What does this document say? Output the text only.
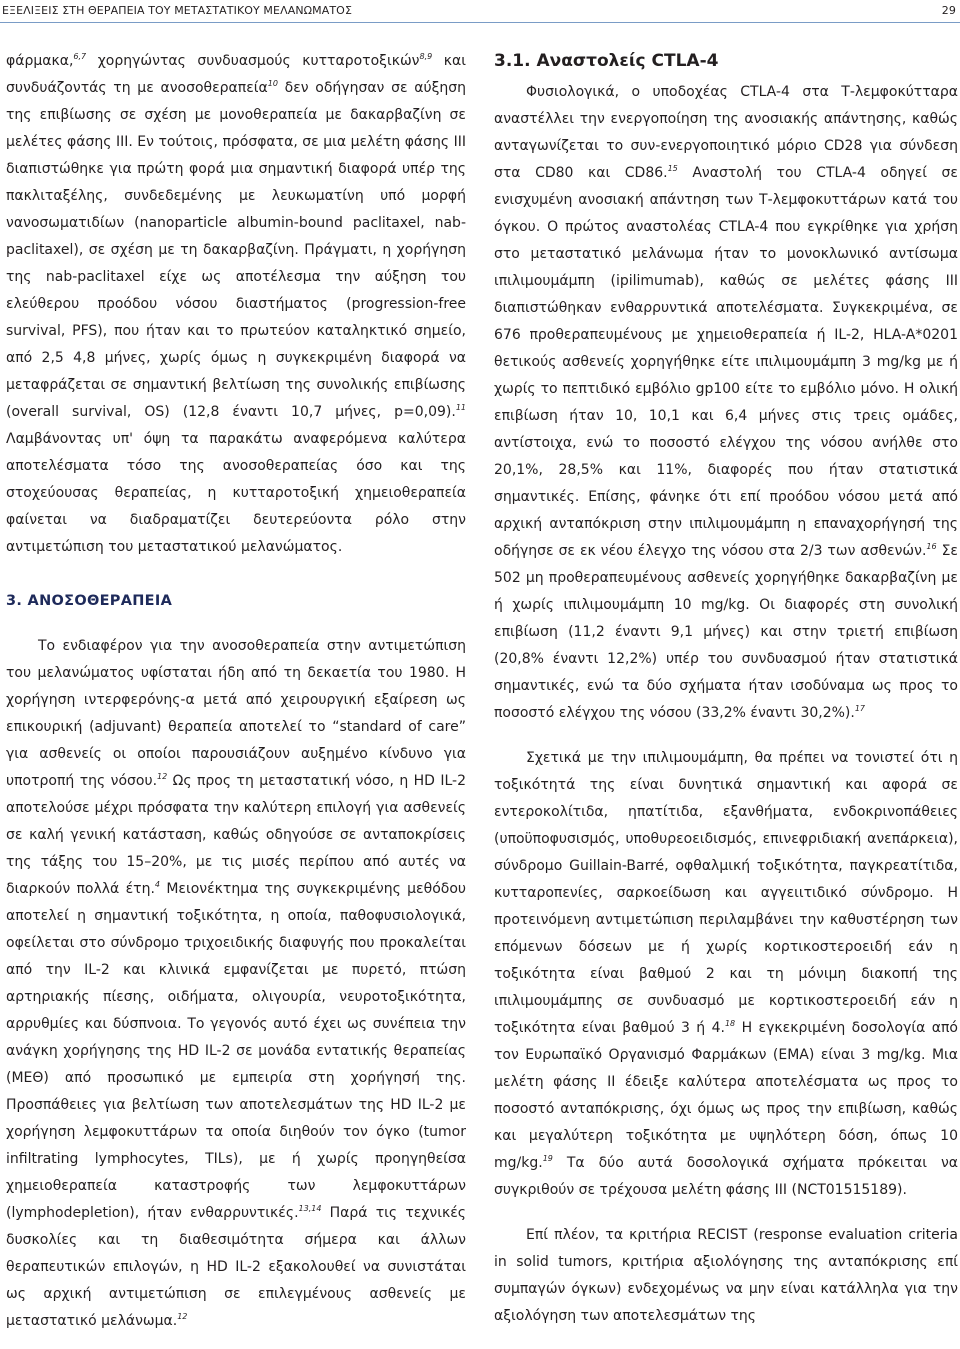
ΕΞΕΛΙΞΕΙΣ ΣΤΗ ΘΕΡΑΠΕΙΑ ΤΟΥ ΜΕΤΑΣΤΑΤΙΚΟΥ ΜΕΛΑΝΩΜΑΤΟΣ	29

φάρμακα,$^{6,7}$ χορηγώντας συνδυασμούς κυτταροτοξικών$^{8,9}$ και συνδυάζοντάς τη με ανοσοθεραπεία$^{10}$ δεν οδήγησαν σε αύξηση της επιβίωσης σε σχέση με μονοθεραπεία με δακαρβαζίνη σε μελέτες φάσης ΙΙΙ. Εν τούτοις, πρόσφατα, σε μια μελέτη φάσης ΙΙΙ διαπιστώθηκε για πρώτη φορά μια σημαντική διαφορά υπέρ της πακλιταξέλης, συνδεδεμένης με λευκωματίνη υπό μορφή νανοσωματιδίων (nanoparticle albumin-bound paclitaxel, nab-paclitaxel), σε σχέση με τη δακαρβαζίνη. Πράγματι, η χορήγηση της nab-paclitaxel είχε ως αποτέλεσμα την αύξηση του ελεύθερου προόδου νόσου διαστήματος (progression-free survival, PFS), που ήταν και το πρωτεύον καταληκτικό σημείο, από 2,5 4,8 μήνες, χωρίς όμως η συγκεκριμένη διαφορά να μεταφράζεται σε σημαντική βελτίωση της συνολικής επιβίωσης (overall survival, OS) (12,8 έναντι 10,7 μήνες, p=0,09).$^{11}$ Λαμβάνοντας υπ' όψη τα παρακάτω αναφερόμενα καλύτερα αποτελέσματα τόσο της ανοσοθεραπείας όσο και της στοχεύουσας θεραπείας, η κυτταροτοξική χημειοθεραπεία φαίνεται να διαδραματίζει δευτερεύοντα ρόλο στην αντιμετώπιση του μεταστατικού μελανώματος.

3. ΑΝΟΣΟΘΕΡΑΠΕΙΑ

Το ενδιαφέρον για την ανοσοθεραπεία στην αντιμετώπιση του μελανώματος υφίσταται ήδη από τη δεκαετία του 1980. Η χορήγηση ιντερφερόνης-α μετά από χειρουργική εξαίρεση ως επικουρική (adjuvant) θεραπεία αποτελεί το “standard of care” για ασθενείς οι οποίοι παρουσιάζουν αυξημένο κίνδυνο για υποτροπή της νόσου.$^{12}$ Ως προς τη μεταστατική νόσο, η HD IL-2 αποτελούσε μέχρι πρόσφατα την καλύτερη επιλογή για ασθενείς σε καλή γενική κατάσταση, καθώς οδηγούσε σε ανταποκρίσεις της τάξης του 15–20%, με τις μισές περίπου από αυτές να διαρκούν πολλά έτη.$^4$ Μειονέκτημα της συγκεκριμένης μεθόδου αποτελεί η σημαντική τοξικότητα, η οποία, παθοφυσιολογικά, οφείλεται στο σύνδρομο τριχοειδικής διαφυγής που προκαλείται από την IL-2 και κλινικά εμφανίζεται με πυρετό, πτώση αρτηριακής πίεσης, οιδήματα, ολιγουρία, νευροτοξικότητα, αρρυθμίες και δύσπνοια. Το γεγονός αυτό έχει ως συνέπεια την ανάγκη χορήγησης της HD IL-2 σε μονάδα εντατικής θεραπείας (ΜΕΘ) από προσωπικό με εμπειρία στη χορήγησή της. Προσπάθειες για βελτίωση των αποτελεσμάτων της HD IL-2 με χορήγηση λεμφοκυττάρων τα οποία διηθούν τον όγκο (tumor infiltrating lymphocytes, TILs), με ή χωρίς προηγηθείσα χημειοθεραπεία καταστροφής των λεμφοκυττάρων (lymphodepletion), ήταν ενθαρρυντικές.$^{13,14}$ Παρά τις τεχνικές δυσκολίες και τη διαθεσιμότητα σήμερα και άλλων θεραπευτικών επιλογών, η HD IL-2 εξακολουθεί να συνιστάται ως αρχική αντιμετώπιση σε επιλεγμένους ασθενείς με μεταστατικό μελάνωμα.$^{12}$

3.1. Αναστολείς CTLA-4

Φυσιολογικά, ο υποδοχέας CTLA-4 στα Τ-λεμφοκύτταρα αναστέλλει την ενεργοποίηση της ανοσιακής απάντησης, καθώς ανταγωνίζεται το συν-ενεργοποιητικό μόριο CD28 για σύνδεση στα CD80 και CD86.15 Αναστολή του CTLA-4 οδηγεί σε ενισχυμένη ανοσιακή απάντηση των Τ-λεμφοκυττάρων κατά του όγκου. Ο πρώτος αναστολέας CTLA-4 που εγκρίθηκε για χρήση στο μεταστατικό μελάνωμα ήταν το μονοκλωνικό αντίσωμα ιπιλιμουμάμπη (ipilimumab), καθώς σε μελέτες φάσης ΙΙΙ διαπιστώθηκαν ενθαρρυντικά αποτελέσματα. Συγκεκριμένα, σε 676 προθεραπευμένους με χημειοθεραπεία ή IL-2, HLA-A*0201 θετικούς ασθενείς χορηγήθηκε είτε ιπιλιμουμάμπη 3 mg/kg με ή χωρίς το πεπτιδικό εμβόλιο gp100 είτε το εμβόλιο μόνο. Η ολική επιβίωση ήταν 10, 10,1 και 6,4 μήνες στις τρεις ομάδες, αντίστοιχα, ενώ το ποσοστό ελέγχου της νόσου ανήλθε στο 20,1%, 28,5% και 11%, διαφορές που ήταν στατιστικά σημαντικές. Επίσης, φάνηκε ότι επί προόδου νόσου μετά από αρχική ανταπόκριση στην ιπιλιμουμάμπη η επαναχορήγησή της οδήγησε σε εκ νέου έλεγχο της νόσου στα 2/3 των ασθενών.$^{16}$ Σε 502 μη προθεραπευμένους ασθενείς χορηγήθηκε δακαρβαζίνη με ή χωρίς ιπιλιμουμάμπη 10 mg/kg. Οι διαφορές στη συνολική επιβίωση (11,2 έναντι 9,1 μήνες) και στην τριετή επιβίωση (20,8% έναντι 12,2%) υπέρ του συνδυασμού ήταν στατιστικά σημαντικές, ενώ τα δύο σχήματα ήταν ισοδύναμα ως προς το ποσοστό ελέγχου της νόσου (33,2% έναντι 30,2%).$^{17}$

Σχετικά με την ιπιλιμουμάμπη, θα πρέπει να τονιστεί ότι η τοξικότητά της είναι δυνητικά σημαντική και αφορά σε εντεροκολίτιδα, ηπατίτιδα, εξανθήματα, ενδοκρινοπάθειες (υποϋποφυσισμός, υποθυρεοειδισμός, επινεφριδιακή ανεπάρκεια), σύνδρομο Guillain-Barré, οφθαλμική τοξικότητα, παγκρεατίτιδα, κυτταροπενίες, σαρκοείδωση και αγγειιτιδικό σύνδρομο. Η προτεινόμενη αντιμετώπιση περιλαμβάνει την καθυστέρηση των επόμενων δόσεων με ή χωρίς κορτικοστεροειδή εάν η τοξικότητα είναι βαθμού 2 και τη μόνιμη διακοπή της ιπιλιμουμάμπης σε συνδυασμό με κορτικοστεροειδή εάν η τοξικότητα είναι βαθμού 3 ή 4.18 Η εγκεκριμένη δοσολογία από τον Ευρωπαϊκό Οργανισμό Φαρμάκων (ΕΜΑ) είναι 3 mg/kg. Μια μελέτη φάσης ΙΙ έδειξε καλύτερα αποτελέσματα ως προς το ποσοστό ανταπόκρισης, όχι όμως ως προς την επιβίωση, καθώς και μεγαλύτερη τοξικότητα με υψηλότερη δόση, όπως 10 mg/kg.$^{19}$ Τα δύο αυτά δοσολογικά σχήματα πρόκειται να συγκριθούν σε τρέχουσα μελέτη φάσης ΙΙΙ (NCT01515189).

Επί πλέον, τα κριτήρια RECIST (response evaluation criteria in solid tumors, κριτήρια αξιολόγησης της ανταπόκρισης επί συμπαγών όγκων) ενδεχομένως να μην είναι κατάλληλα για την αξιολόγηση των αποτελεσμάτων της
